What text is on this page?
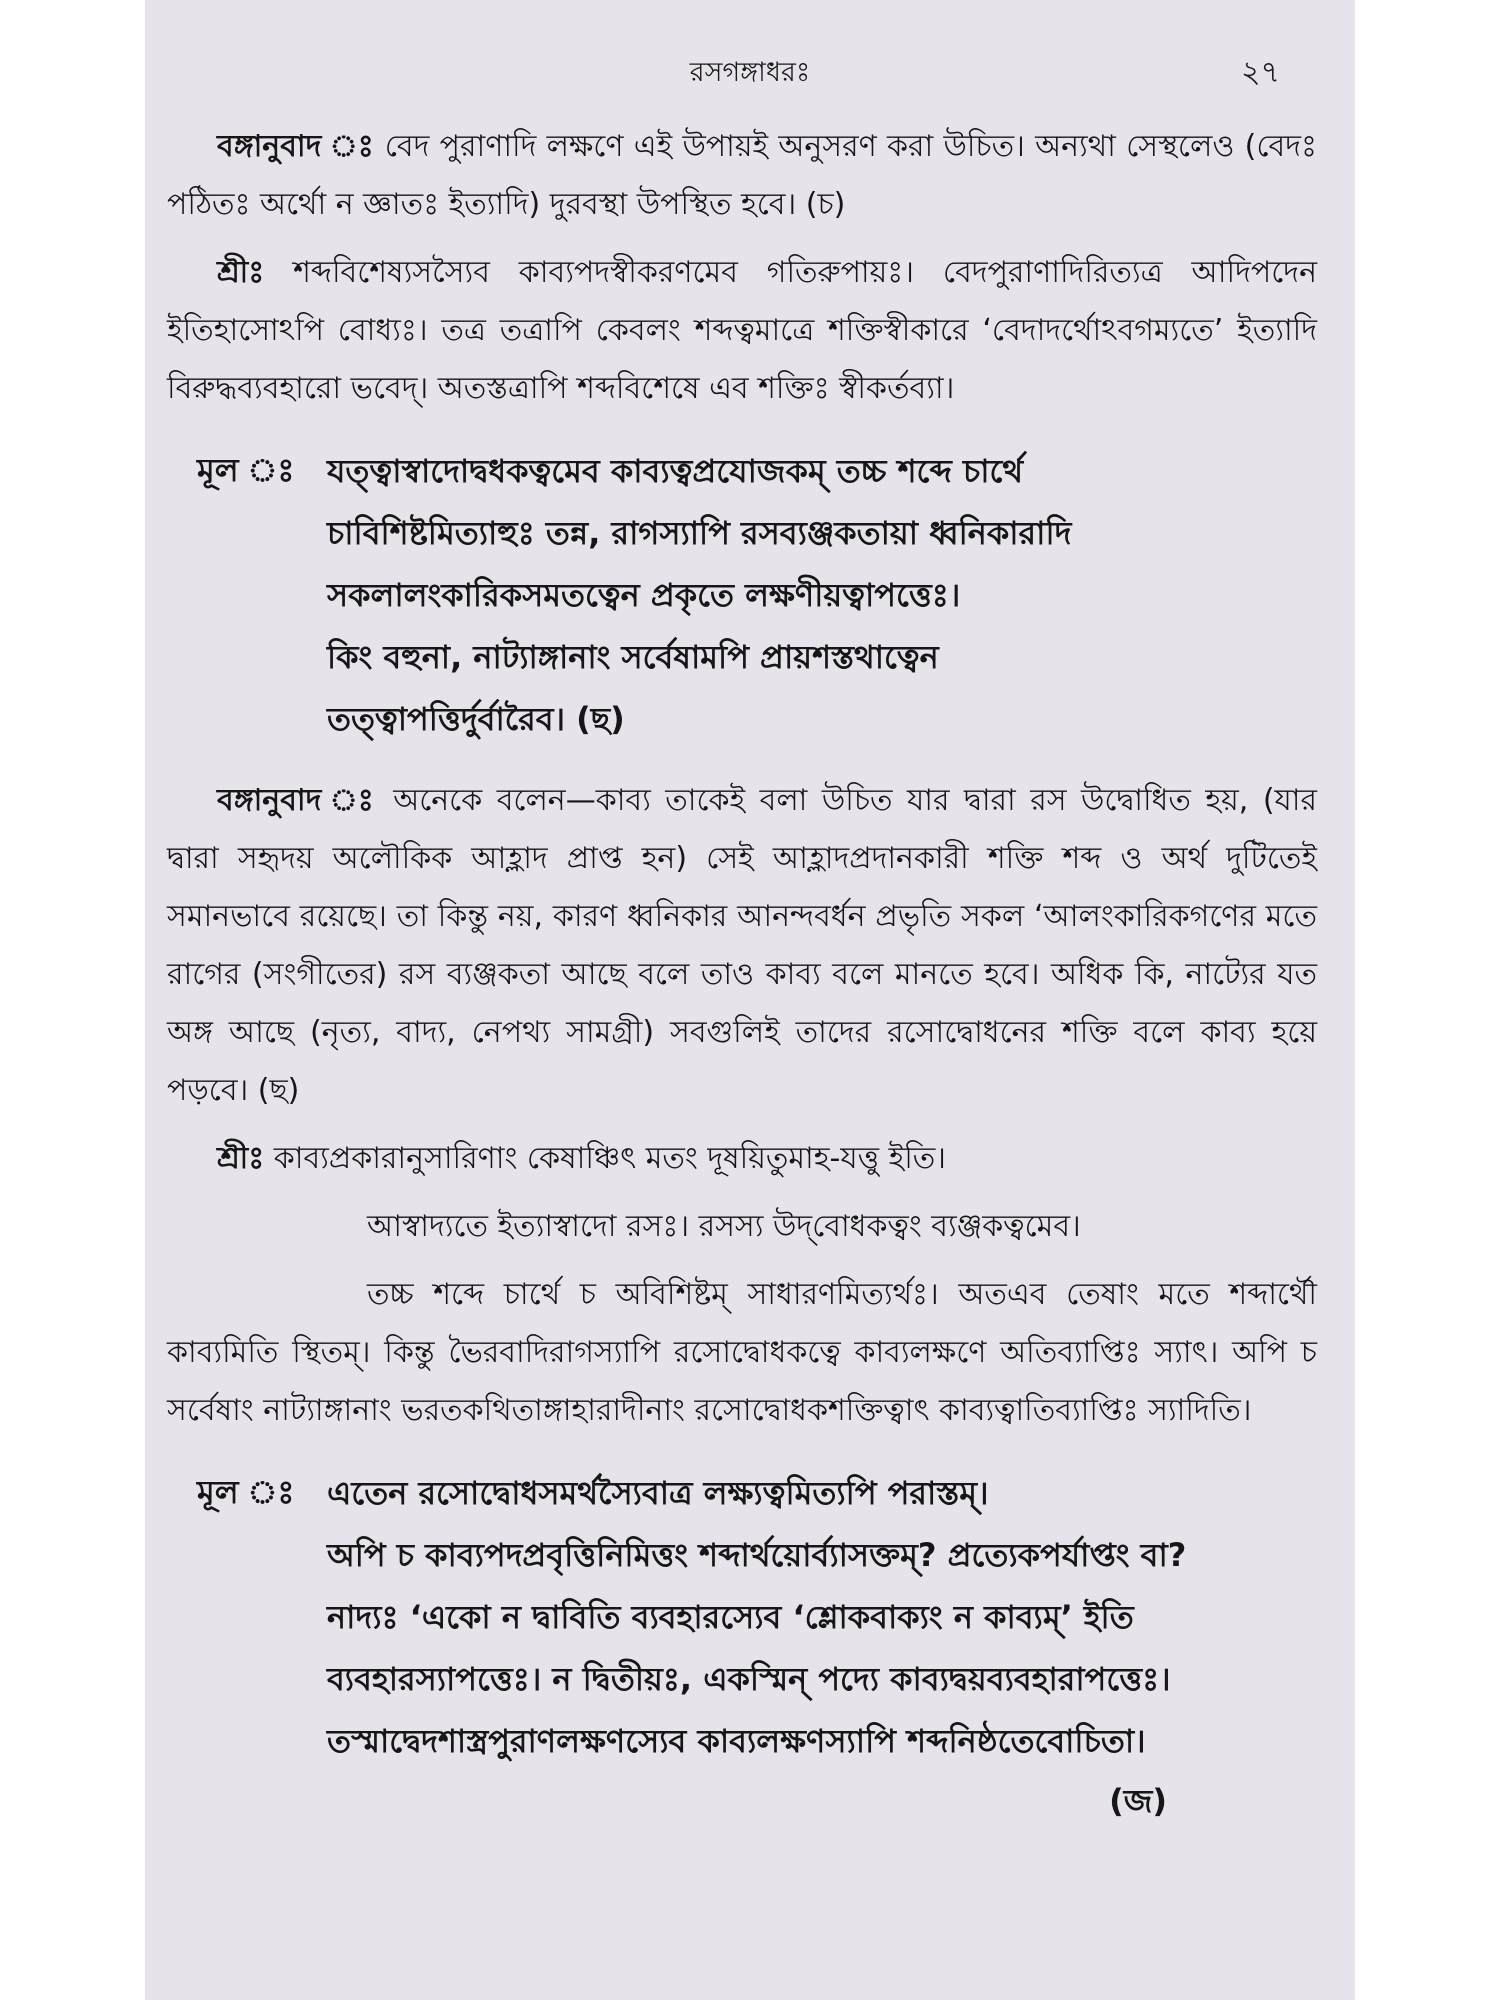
রসগঙ্গাধরঃ	২৭

বঙ্গানুবাদ ঃ বেদ পুরাণাদি লক্ষণে এই উপায়ই অনুসরণ করা উচিত। অন্যথা সেস্থলেও (বেদঃ পঠিতঃ অর্থো ন জ্ঞাতঃ ইত্যাদি) দুরবস্থা উপস্থিত হবে। (চ)

শ্রীঃ শব্দবিশেষ্যসস্যৈব কাব্যপদস্বীকরণমেব গতিরুপায়ঃ। বেদপুরাণাদিরিত্যত্র আদিপদেন ইতিহাসোঽপি বোধ্যঃ। তত্র তত্রাপি কেবলং শব্দত্বমাত্রে শক্তিস্বীকারে ‘বেদাদর্থোঽবগম্যতে’ ইত্যাদি বিরুদ্ধব্যবহারো ভবেদ্। অতস্তত্রাপি শব্দবিশেষে এব শক্তিঃ স্বীকর্তব্যা।

মূল ঃ	যত্ত্বাস্বাদোদ্বধকত্বমেব কাব্যত্বপ্রযোজকম্ তচ্চ শব্দে চার্থে
চাবিশিষ্টমিত্যাহুঃ তন্ন, রাগস্যাপি রসব্যঞ্জকতায়া ধ্বনিকারাদি
সকলালংকারিকসমতত্বেন প্রকৃতে লক্ষণীয়ত্বাপত্তেঃ।
কিং বহুনা, নাট্যাঙ্গানাং সর্বেষামপি প্রায়শস্তথাত্বেন
তত্ত্বাপত্তির্দুর্বারৈব। (ছ)

বঙ্গানুবাদ ঃ অনেকে বলেন—কাব্য তাকেই বলা উচিত যার দ্বারা রস উদ্বোধিত হয়, (যার দ্বারা সহৃদয় অলৌকিক আহ্লাদ প্রাপ্ত হন) সেই আহ্লাদপ্রদানকারী শক্তি শব্দ ও অর্থ দুটিতেই সমানভাবে রয়েছে। তা কিন্তু নয়, কারণ ধ্বনিকার আনন্দবর্ধন প্রভৃতি সকল ‘আলংকারিকগণের মতে রাগের (সংগীতের) রস ব্যঞ্জকতা আছে বলে তাও কাব্য বলে মানতে হবে। অধিক কি, নাট্যের যত অঙ্গ আছে (নৃত্য, বাদ্য, নেপথ্য সামগ্রী) সবগুলিই তাদের রসোদ্বোধনের শক্তি বলে কাব্য হয়ে পড়বে। (ছ)

শ্রীঃ কাব্যপ্রকারানুসারিণাং কেষাঞ্চিৎ মতং দূষয়িতুমাহ-যত্তু ইতি।

আস্বাদ্যতে ইত্যাস্বাদো রসঃ। রসস্য উদ্‌বোধকত্বং ব্যঞ্জকত্বমেব।

তচ্চ শব্দে চার্থে চ অবিশিষ্টম্ সাধারণমিত্যর্থঃ। অতএব তেষাং মতে শব্দার্থৌ কাব্যমিতি স্থিতম্। কিন্তু ভৈরবাদিরাগস্যাপি রসোদ্বোধকত্বে কাব্যলক্ষণে অতিব্যাপ্তিঃ স্যাৎ। অপি চ সর্বেষাং নাট্যাঙ্গানাং ভরতকথিতাঙ্গাহারাদীনাং রসোদ্বোধকশক্তিত্বাৎ কাব্যত্বাতিব্যাপ্তিঃ স্যাদিতি।

মূল ঃ	এতেন রসোদ্বোধসমর্থস্যৈবাত্র লক্ষ্যত্বমিত্যপি পরাস্তম্।
অপি চ কাব্যপদপ্রবৃত্তিনিমিত্তং শব্দার্থয়োর্ব্যাসক্তম্? প্রত্যেকপর্যাপ্তং বা?
নাদ্যঃ ‘একো ন দ্বাবিতি ব্যবহারস্যেব ‘শ্লোকবাক্যং ন কাব্যম্’ ইতি
ব্যবহারস্যাপত্তেঃ। ন দ্বিতীয়ঃ, একস্মিন্ পদ্যে কাব্যদ্বয়ব্যবহারাপত্তেঃ।
তস্মাদ্বেদশাস্ত্রপুরাণলক্ষণস্যেব কাব্যলক্ষণস্যাপি শব্দনিষ্ঠতেবোচিতা।
(জ)
